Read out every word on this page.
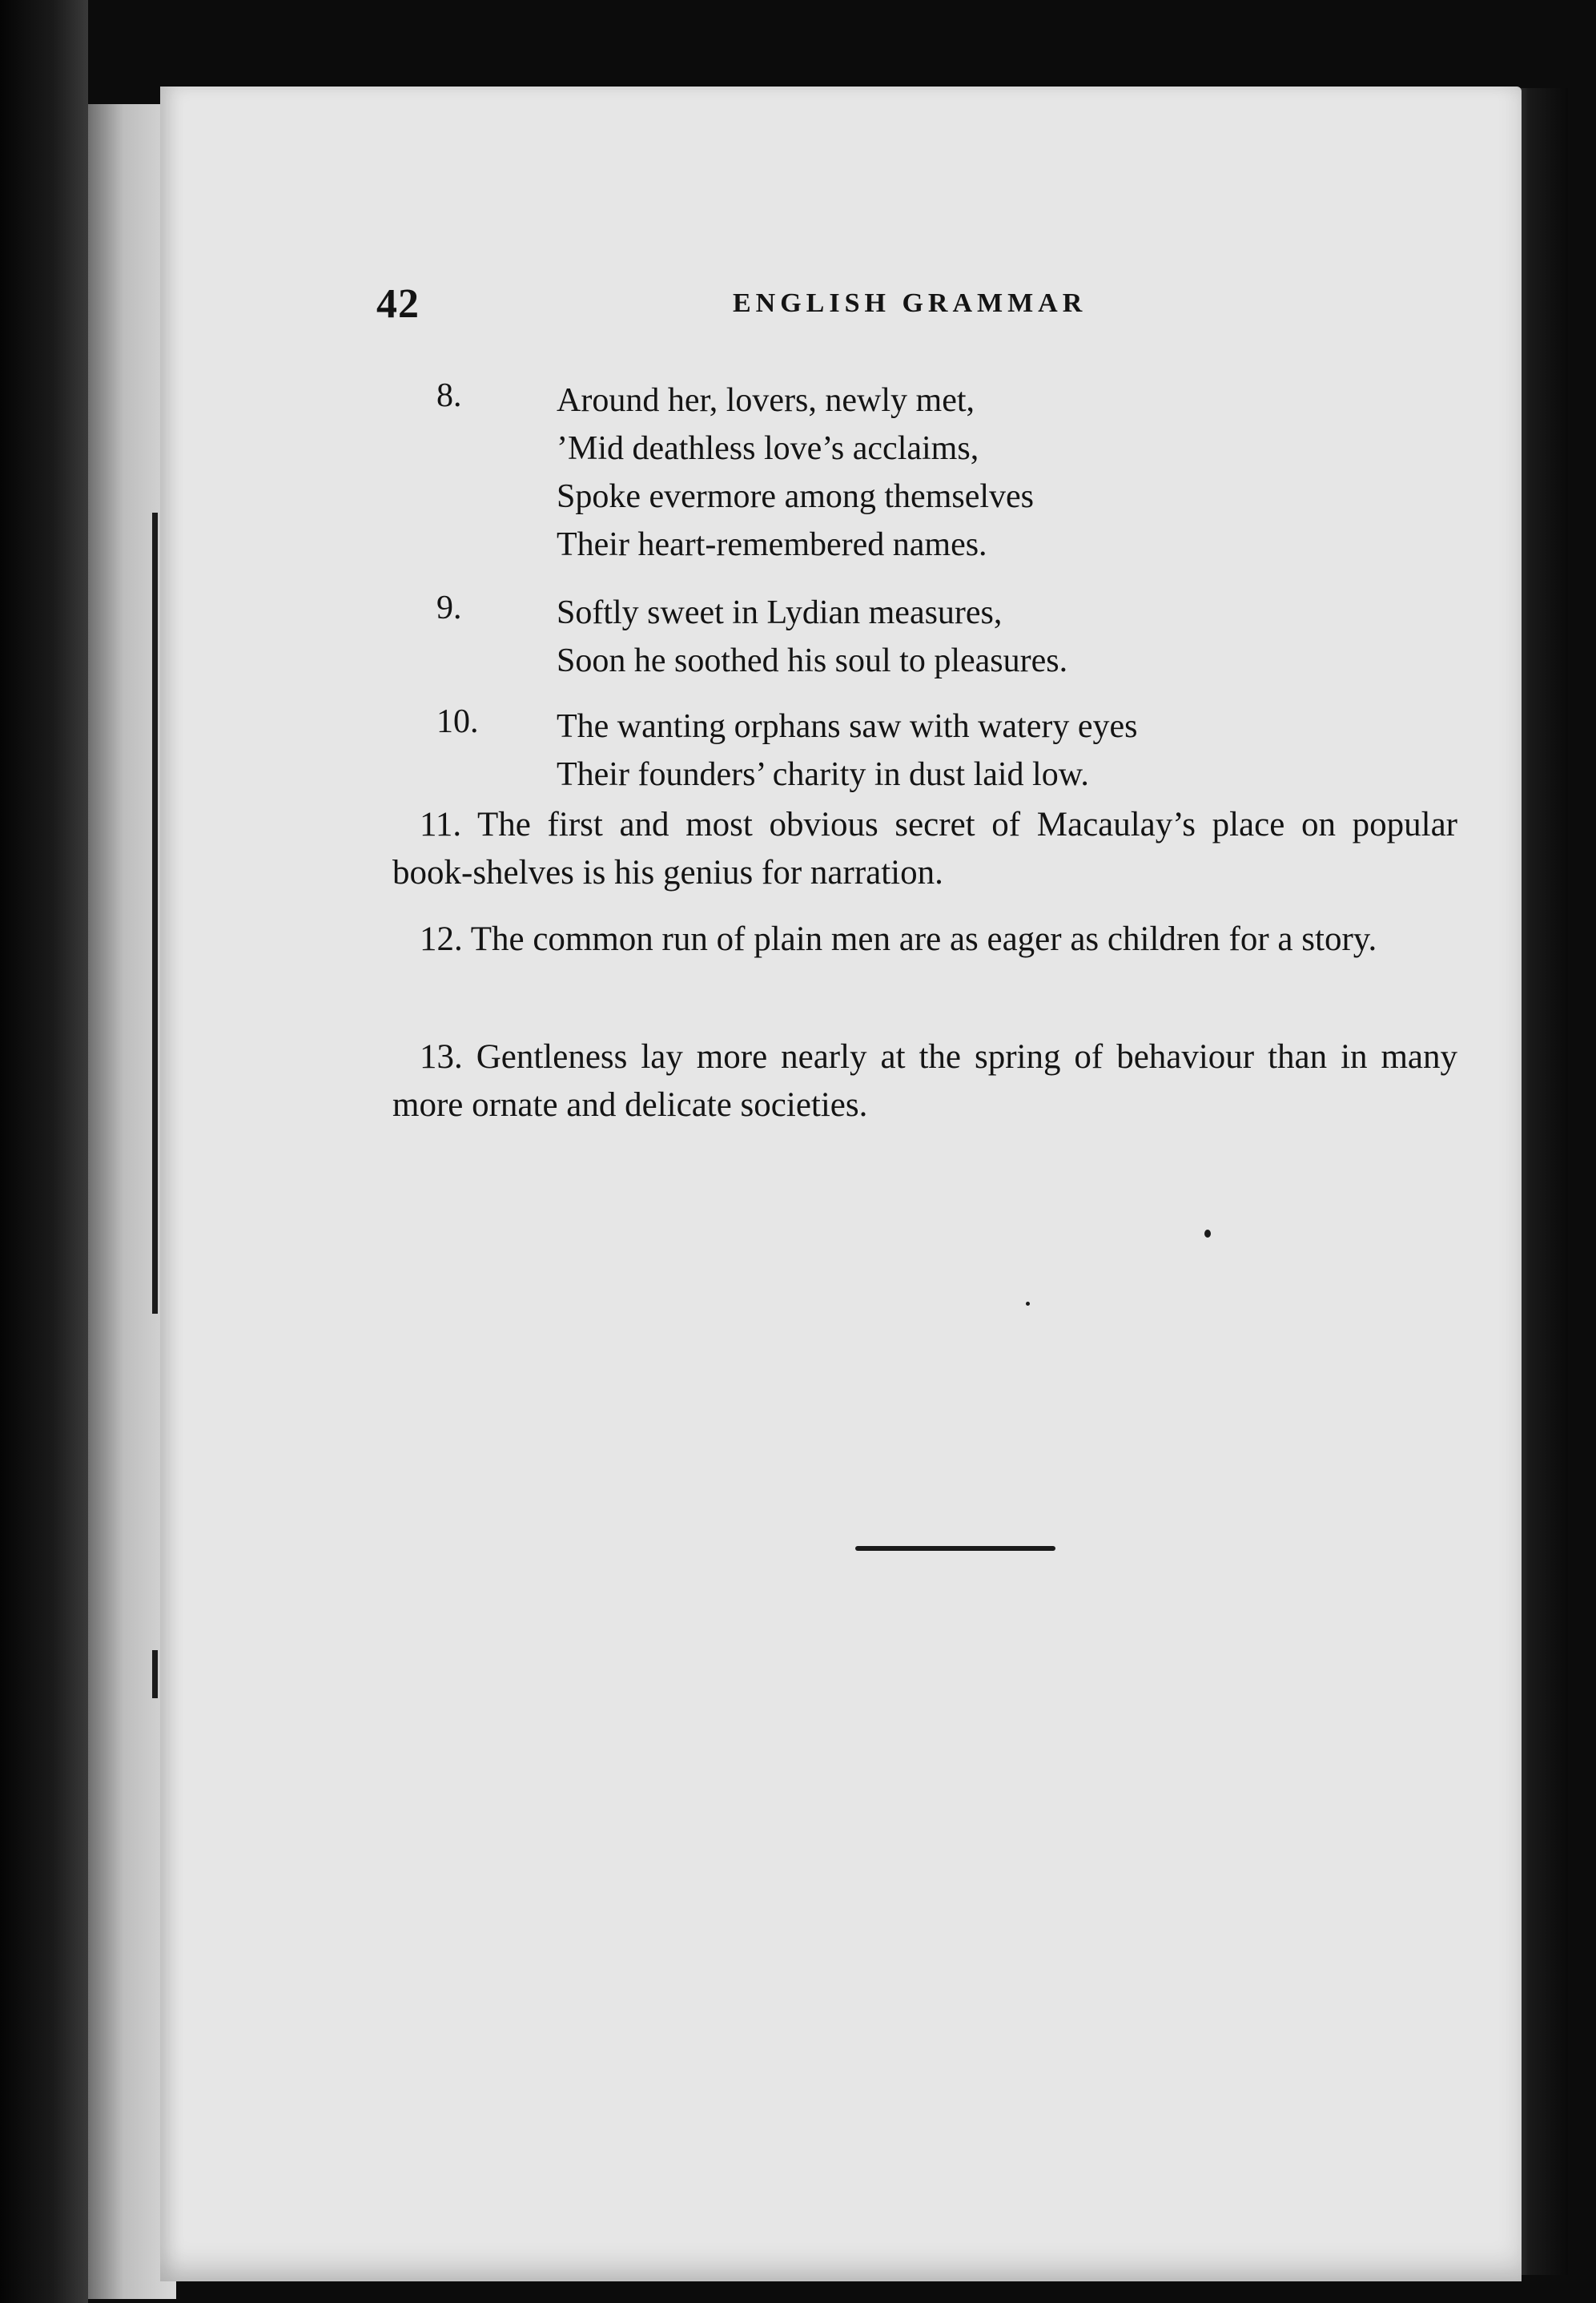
42	ENGLISH GRAMMAR
8.	Around her, lovers, newly met,
’Mid deathless love’s acclaims,
Spoke evermore among themselves
Their heart-remembered names.
9.	Softly sweet in Lydian measures,
Soon he soothed his soul to pleasures.
10. The wanting orphans saw with watery eyes
Their founders’ charity in dust laid low.

11. The first and most obvious secret of Macaulay’s place on popular book-shelves is his genius for narration.

12. The common run of plain men are as eager as children for a story.

13. Gentleness lay more nearly at the spring of behaviour than in many more ornate and delicate societies.
